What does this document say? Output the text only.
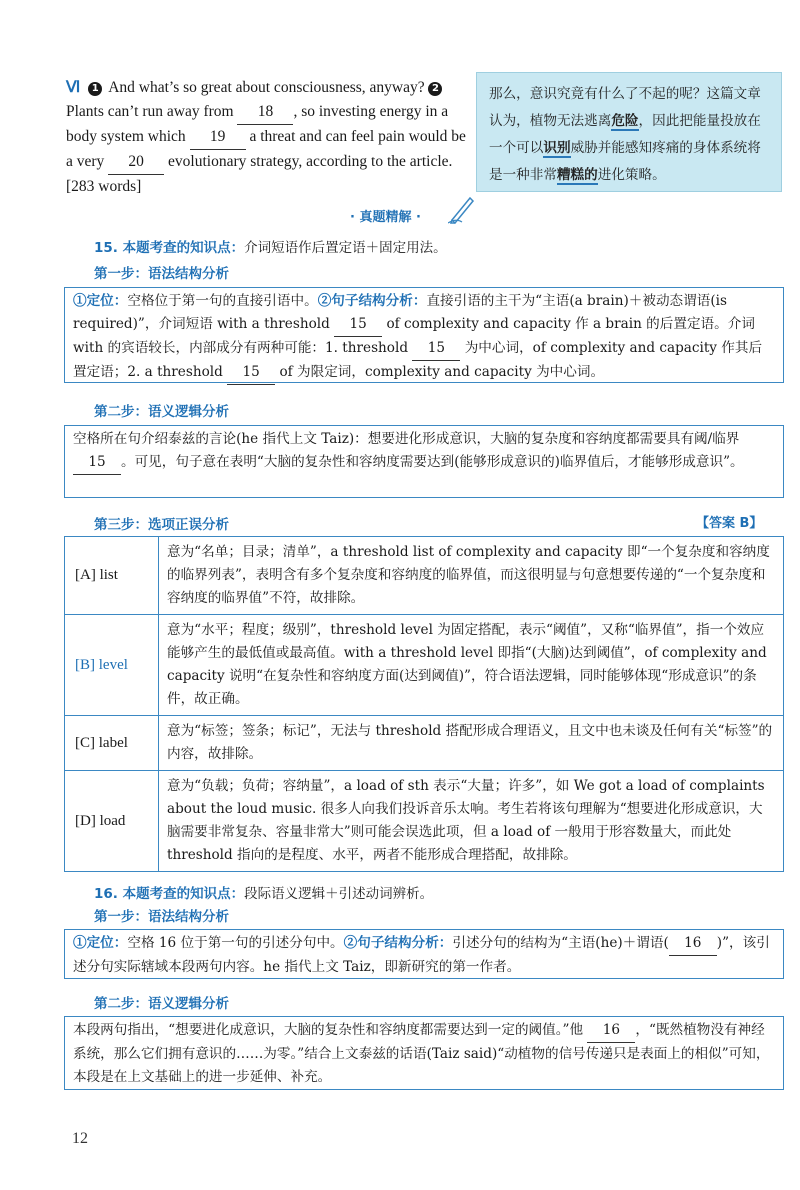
Ⅵ 1 And what’s so great about consciousness, anyway? 2 Plants can’t run away from 18 , so investing energy in a body system which 19 a threat and can feel pain would be a very 20 evolutionary strategy, according to the article. [283 words]
那么，意识究竟有什么了不起的呢？这篇文章认为，植物无法逃离危险，因此把能量投放在一个可以识别威胁并能感知疼痛的身体系统将是一种非常糟糕的进化策略。
· 真题精解 ·
15. 本题考查的知识点：介词短语作后置定语＋固定用法。
第一步：语法结构分析
①定位：空格位于第一句的直接引语中。②句子结构分析：直接引语的主干为“主语(a brain)＋被动态谓语(is required)”，介词短语 with a threshold 15 of complexity and capacity 作 a brain 的后置定语。介词 with 的宾语较长，内部成分有两种可能：1. threshold 15 为中心词，of complexity and capacity 作其后置定语；2. a threshold 15 of 为限定词，complexity and capacity 为中心词。
第二步：语义逻辑分析
空格所在句介绍泰兹的言论(he 指代上文 Taiz)：想要进化形成意识，大脑的复杂度和容纳度都需要具有阈/临界 15 。可见，句子意在表明“大脑的复杂性和容纳度需要达到(能够形成意识的)临界值后，才能够形成意识”。
第三步：选项正误分析	【答案 B】
[A] list	意为“名单；目录；清单”，a threshold list of complexity and capacity 即“一个复杂度和容纳度的临界列表”，表明含有多个复杂度和容纳度的临界值，而这很明显与句意想要传递的“一个复杂度和容纳度的临界值”不符，故排除。
[B] level	意为“水平；程度；级别”，threshold level 为固定搭配，表示“阈值”，又称“临界值”，指一个效应能够产生的最低值或最高值。with a threshold level 即指“(大脑)达到阈值”，of complexity and capacity 说明“在复杂性和容纳度方面(达到阈值)”，符合语法逻辑，同时能够体现“形成意识”的条件，故正确。
[C] label	意为“标签；签条；标记”，无法与 threshold 搭配形成合理语义，且文中也未谈及任何有关“标签”的内容，故排除。
[D] load	意为“负载；负荷；容纳量”，a load of sth 表示“大量；许多”，如 We got a load of complaints about the loud music. 很多人向我们投诉音乐太响。考生若将该句理解为“想要进化形成意识，大脑需要非常复杂、容量非常大”则可能会误选此项，但 a load of 一般用于形容数量大，而此处 threshold 指向的是程度、水平，两者不能形成合理搭配，故排除。
16. 本题考查的知识点：段际语义逻辑＋引述动词辨析。
第一步：语法结构分析
①定位：空格 16 位于第一句的引述分句中。②句子结构分析：引述分句的结构为“主语(he)＋谓语( 16 )”，该引述分句实际辖域本段两句内容。he 指代上文 Taiz，即新研究的第一作者。
第二步：语义逻辑分析
本段两句指出，“想要进化成意识，大脑的复杂性和容纳度都需要达到一定的阈值。”他 16 ，“既然植物没有神经系统，那么它们拥有意识的……为零。”结合上文泰兹的话语(Taiz said)“动植物的信号传递只是表面上的相似”可知，本段是在上文基础上的进一步延伸、补充。
12
